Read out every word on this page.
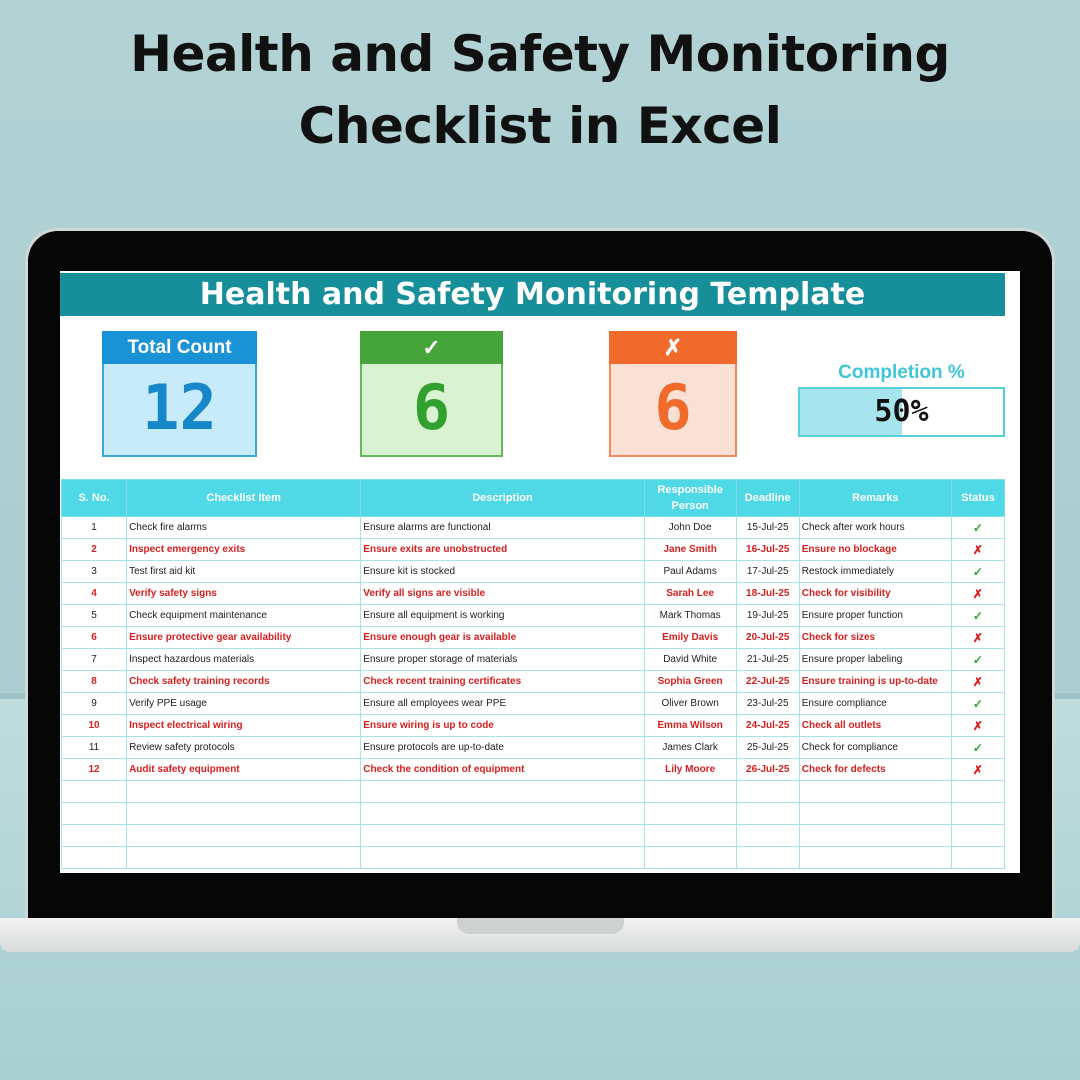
Health and Safety Monitoring
Checklist in Excel
Health and Safety Monitoring Template
Total Count
12
✓
6
✗
6	Completion %
50%
S. No.	Checklist Item	Description	Responsible Person	Deadline	Remarks	Status
1	Check fire alarms	Ensure alarms are functional	John Doe	15-Jul-25	Check after work hours	✓
2	Inspect emergency exits	Ensure exits are unobstructed	Jane Smith	16-Jul-25	Ensure no blockage	✗
3	Test first aid kit	Ensure kit is stocked	Paul Adams	17-Jul-25	Restock immediately	✓
4	Verify safety signs	Verify all signs are visible	Sarah Lee	18-Jul-25	Check for visibility	✗
5	Check equipment maintenance	Ensure all equipment is working	Mark Thomas	19-Jul-25	Ensure proper function	✓
6	Ensure protective gear availability	Ensure enough gear is available	Emily Davis	20-Jul-25	Check for sizes	✗
7	Inspect hazardous materials	Ensure proper storage of materials	David White	21-Jul-25	Ensure proper labeling	✓
8	Check safety training records	Check recent training certificates	Sophia Green	22-Jul-25	Ensure training is up-to-date	✗
9	Verify PPE usage	Ensure all employees wear PPE	Oliver Brown	23-Jul-25	Ensure compliance	✓
10	Inspect electrical wiring	Ensure wiring is up to code	Emma Wilson	24-Jul-25	Check all outlets	✗
11	Review safety protocols	Ensure protocols are up-to-date	James Clark	25-Jul-25	Check for compliance	✓
12	Audit safety equipment	Check the condition of equipment	Lily Moore	26-Jul-25	Check for defects	✗
